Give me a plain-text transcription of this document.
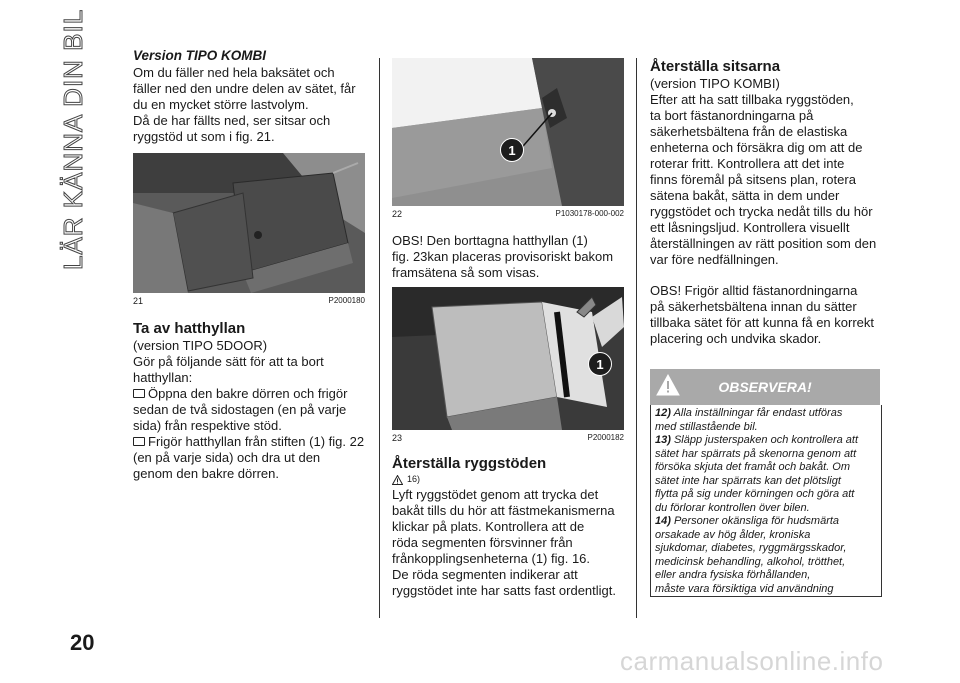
LÄR KÄNNA DIN BIL	Version TIPO KOMBI

Om du fäller ned hela baksätet och

fäller ned den undre delen av sätet, får

du en mycket större lastvolym.

Då de har fällts ned, ser sitsar och

ryggstöd ut som i fig. 21.

21	P2000180

Ta av hatthyllan

(version TIPO 5DOOR)

Gör på följande sätt för att ta bort

hatthyllan:

Öppna den bakre dörren och frigör

sedan de två sidostagen (en på varje

sida) från respektive stöd.

Frigör hatthyllan från stiften (1) fig. 22

(en på varje sida) och dra ut den

genom den bakre dörren.

1
22	P1030178-000-002

OBS! Den borttagna hatthyllan (1)

fig. 23kan placeras provisoriskt bakom

framsätena så som visas.

1
23	P2000182

Återställa ryggstöden

16)

Lyft ryggstödet genom att trycka det

bakåt tills du hör att fästmekanismerna

klickar på plats. Kontrollera att de

röda segmenten försvinner från

frånkopplingsenheterna (1) fig. 16.

De röda segmenten indikerar att

ryggstödet inte har satts fast ordentligt.

Återställa sitsarna

(version TIPO KOMBI)

Efter att ha satt tillbaka ryggstöden,

ta bort fästanordningarna på

säkerhetsbältena från de elastiska

enheterna och försäkra dig om att de

roterar fritt. Kontrollera att det inte

finns föremål på sitsens plan, rotera

sätena bakåt, sätta in dem under

ryggstödet och trycka nedåt tills du hör

ett låsningsljud. Kontrollera visuellt

återställningen av rätt position som den

var före nedfällningen.

OBS! Frigör alltid fästanordningarna

på säkerhetsbältena innan du sätter

tillbaka sätet för att kunna få en korrekt

placering och undvika skador.

OBSERVERA!

12) Alla inställningar får endast utföras

med stillastående bil.

13) Släpp justerspaken och kontrollera att

sätet har spärrats på skenorna genom att

försöka skjuta det framåt och bakåt. Om

sätet inte har spärrats kan det plötsligt

flytta på sig under körningen och göra att

du förlorar kontrollen över bilen.

14) Personer okänsliga för hudsmärta

orsakade av hög ålder, kroniska

sjukdomar, diabetes, ryggmärgsskador,

medicinsk behandling, alkohol, trötthet,

eller andra fysiska förhållanden,

måste vara försiktiga vid användning

20
carmanualsonline.info
